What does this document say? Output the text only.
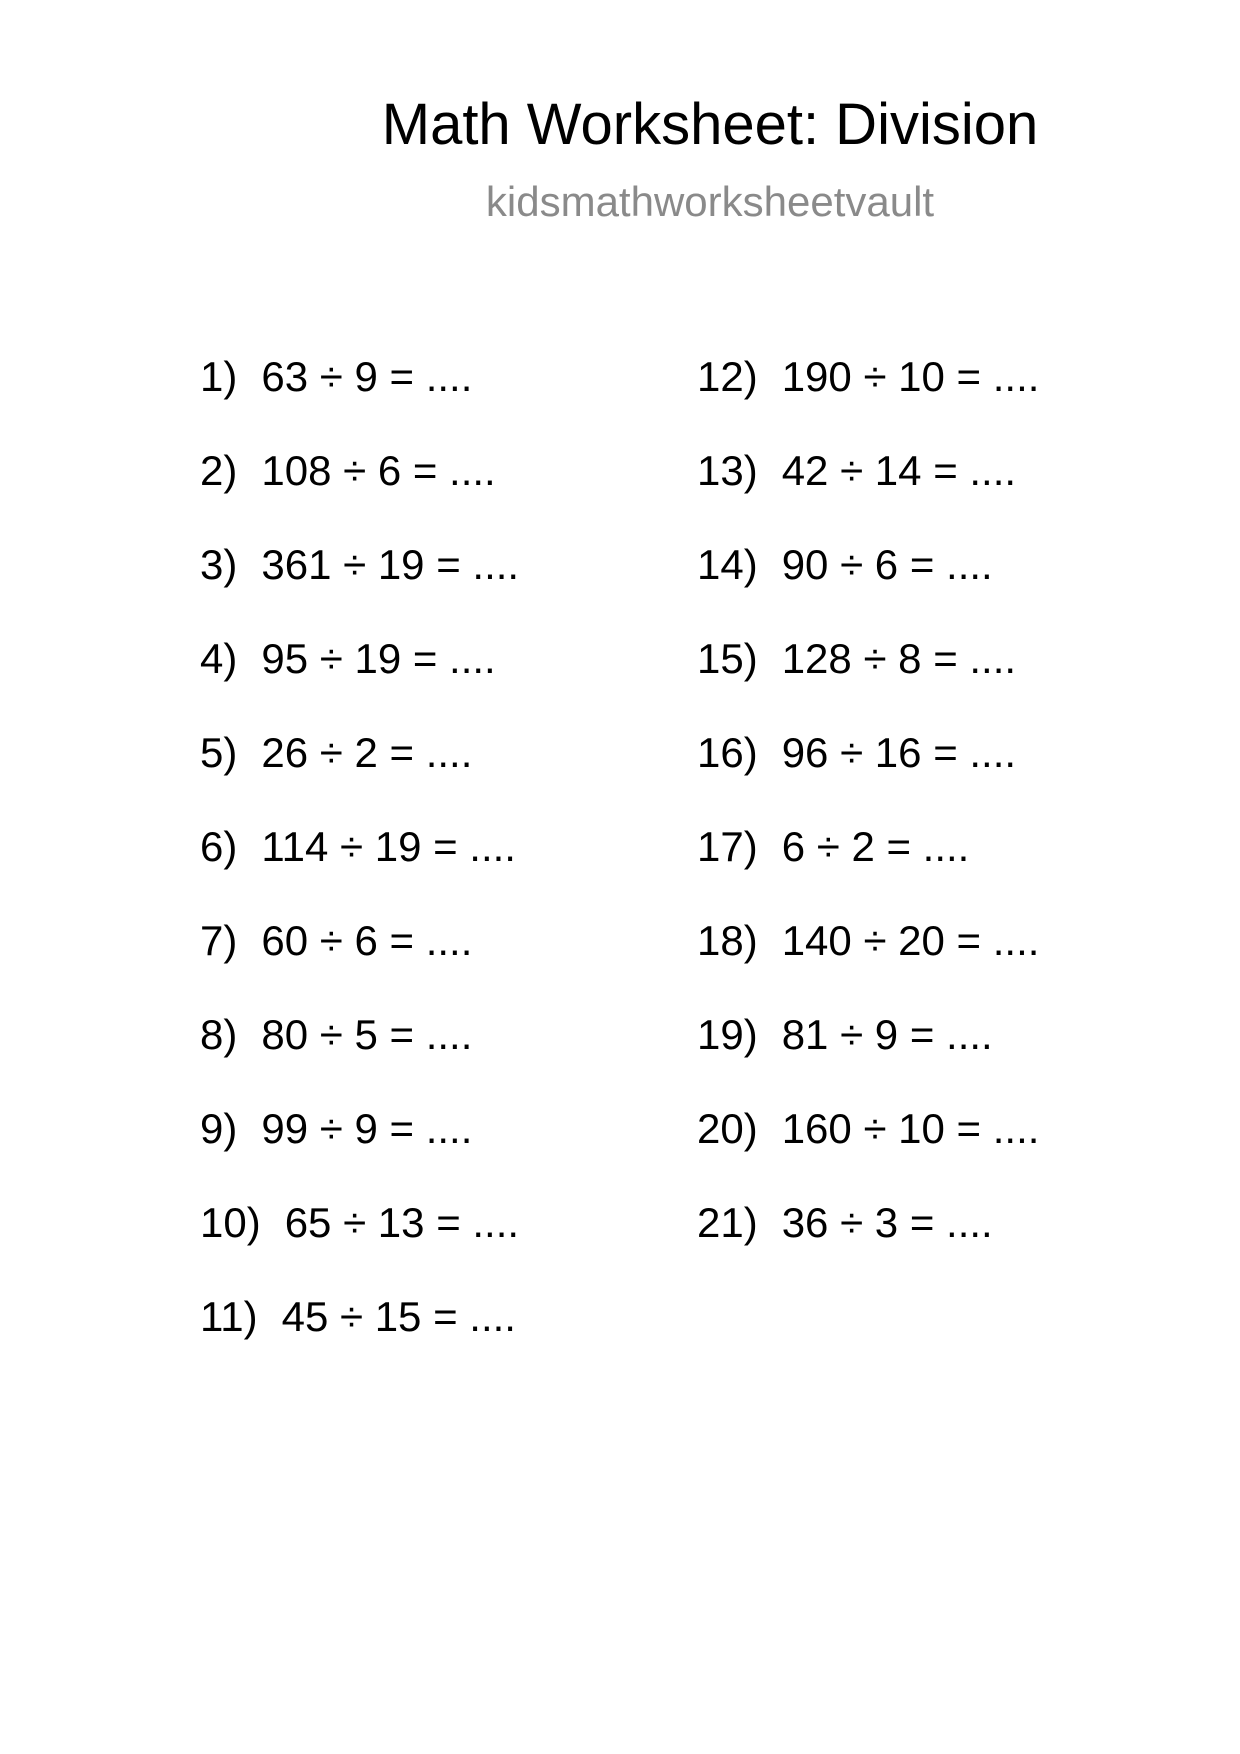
Math Worksheet: Division
kidsmathworksheetvault
1) 63 ÷ 9 = ....
2) 108 ÷ 6 = ....
3) 361 ÷ 19 = ....
4) 95 ÷ 19 = ....
5) 26 ÷ 2 = ....
6) 114 ÷ 19 = ....
7) 60 ÷ 6 = ....
8) 80 ÷ 5 = ....
9) 99 ÷ 9 = ....
10) 65 ÷ 13 = ....
11) 45 ÷ 15 = ....
12) 190 ÷ 10 = ....
13) 42 ÷ 14 = ....
14) 90 ÷ 6 = ....
15) 128 ÷ 8 = ....
16) 96 ÷ 16 = ....
17) 6 ÷ 2 = ....
18) 140 ÷ 20 = ....
19) 81 ÷ 9 = ....
20) 160 ÷ 10 = ....
21) 36 ÷ 3 = ....
